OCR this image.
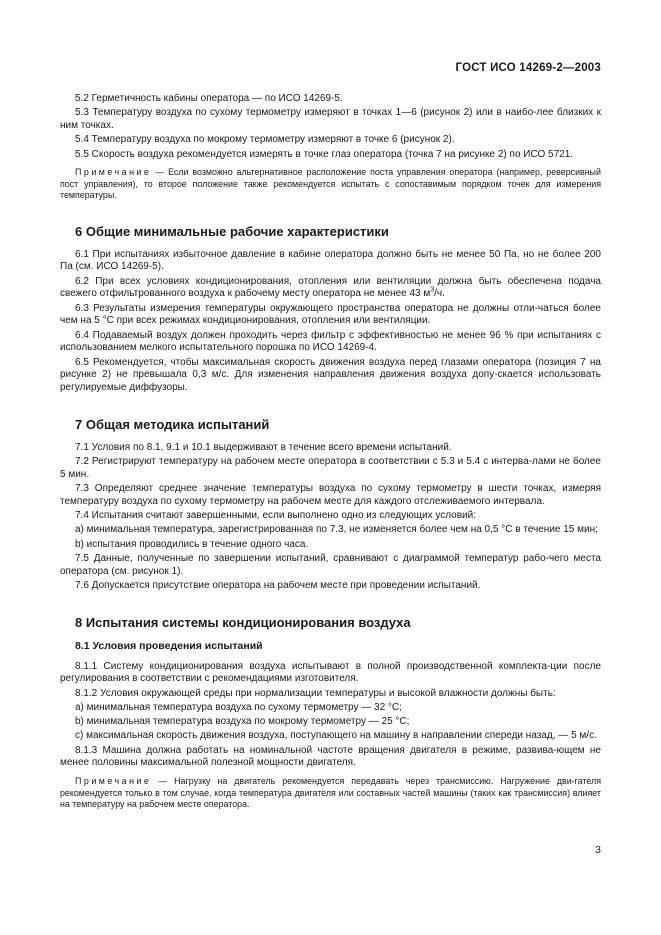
ГОСТ ИСО 14269-2—2003

5.2 Герметичность кабины оператора — по ИСО 14269-5.

5.3 Температуру воздуха по сухому термометру измеряют в точках 1—6 (рисунок 2) или в наибо-лее близких к ним точках.

5.4 Температуру воздуха по мокрому термометру измеряют в точке 6 (рисунок 2).

5.5 Скорость воздуха рекомендуется измерять в точке глаз оператора (точка 7 на рисунке 2) по ИСО 5721.

Примечание — Если возможно альтернативное расположение поста управления оператора (например, реверсивный пост управления), то второе положение также рекомендуется испытать с сопоставимым порядком точек для измерения температуры.

6 Общие минимальные рабочие характеристики

6.1 При испытаниях избыточное давление в кабине оператора должно быть не менее 50 Па, но не более 200 Па (см. ИСО 14269-5).

6.2 При всех условиях кондиционирования, отопления или вентиляции должна быть обеспечена подача свежего отфильтрованного воздуха к рабочему месту оператора не менее 43 $м^3/ч$.

6.3 Результаты измерения температуры окружающего пространства оператора не должны отли-чаться более чем на 5 °С при всех режимах кондиционирования, отопления или вентиляции.

6.4 Подаваемый воздух должен проходить через фильтр с эффективностью не менее 96 % при испытаниях с использованием мелкого испытательного порошка по ИСО 14269-4.

6.5 Рекомендуется, чтобы максимальная скорость движения воздуха перед глазами оператора (позиция 7 на рисунке 2) не превышала 0,3 м/с. Для изменения направления движения воздуха допу-скается использовать регулируемые диффузоры.

7 Общая методика испытаний

7.1 Условия по 8.1, 9.1 и 10.1 выдерживают в течение всего времени испытаний.

7.2 Регистрируют температуру на рабочем месте оператора в соответствии с 5.3 и 5.4 с интерва-лами не более 5 мин.

7.3 Определяют среднее значение температуры воздуха по сухому термометру в шести точках, измеряя температуру воздуха по сухому термометру на рабочем месте для каждого отслеживаемого интервала.

7.4 Испытания считают завершенными, если выполнено одно из следующих условий:

а) минимальная температура, зарегистрированная по 7.3, не изменяется более чем на 0,5 °С в течение 15 мин;

b) испытания проводились в течение одного часа.

7.5 Данные, полученные по завершении испытаний, сравнивают с диаграммой температур рабо-чего места оператора (см. рисунок 1).

7.6 Допускается присутствие оператора на рабочем месте при проведении испытаний.

8 Испытания системы кондиционирования воздуха
8.1 Условия проведения испытаний

8.1.1 Систему кондиционирования воздуха испытывают в полной производственной комплекта-ции после регулирования в соответствии с рекомендациями изготовителя.

8.1.2 Условия окружающей среды при нормализации температуры и высокой влажности должны быть:

а) минимальная температура воздуха по сухому термометру — 32 °С;

b) минимальная температура воздуха по мокрому термометру — 25 °С;

с) максимальная скорость движения воздуха, поступающего на машину в направлении спереди назад, — 5 м/с.

8.1.3 Машина должна работать на номинальной частоте вращения двигателя в режиме, развива-ющем не менее половины максимальной полезной мощности двигателя.

Примечание — Нагрузку на двигатель рекомендуется передавать через трансмиссию. Нагружение дви-гателя рекомендуется только в том случае, когда температура двигателя или составных частей машины (таких как трансмиссия) влияет на температуру на рабочем месте оператора.

3
